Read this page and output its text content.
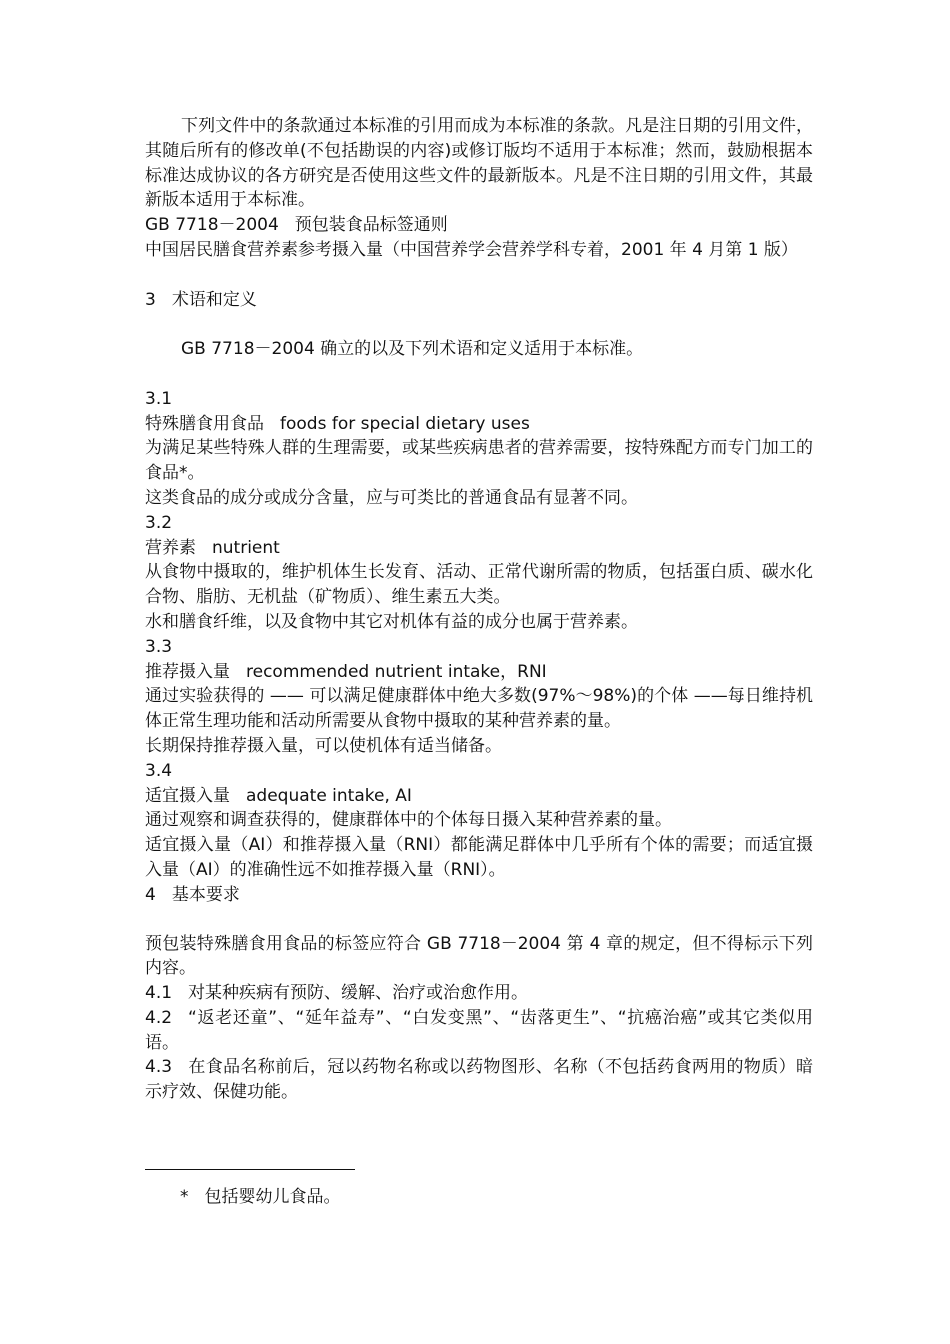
下列文件中的条款通过本标准的引用而成为本标准的条款。凡是注日期的引用文件，其随后所有的修改单(不包括勘误的内容)或修订版均不适用于本标准；然而，鼓励根据本标准达成协议的各方研究是否使用这些文件的最新版本。凡是不注日期的引用文件，其最新版本适用于本标准。

GB 7718－2004 预包装食品标签通则

中国居民膳食营养素参考摄入量（中国营养学会营养学科专着，2001 年 4 月第 1 版）

3 术语和定义

GB 7718－2004 确立的以及下列术语和定义适用于本标准。

3.1

特殊膳食用食品 foods for special dietary uses

为满足某些特殊人群的生理需要，或某些疾病患者的营养需要，按特殊配方而专门加工的食品*。

这类食品的成分或成分含量，应与可类比的普通食品有显著不同。

3.2

营养素 nutrient

从食物中摄取的，维护机体生长发育、活动、正常代谢所需的物质，包括蛋白质、碳水化合物、脂肪、无机盐（矿物质）、维生素五大类。

水和膳食纤维，以及食物中其它对机体有益的成分也属于营养素。

3.3

推荐摄入量 recommended nutrient intake，RNI

通过实验获得的 —— 可以满足健康群体中绝大多数(97%～98%)的个体 ——每日维持机体正常生理功能和活动所需要从食物中摄取的某种营养素的量。

长期保持推荐摄入量，可以使机体有适当储备。

3.4

适宜摄入量 adequate intake, AI

通过观察和调查获得的，健康群体中的个体每日摄入某种营养素的量。

适宜摄入量（AI）和推荐摄入量（RNI）都能满足群体中几乎所有个体的需要；而适宜摄入量（AI）的准确性远不如推荐摄入量（RNI）。

4 基本要求

预包装特殊膳食用食品的标签应符合 GB 7718－2004 第 4 章的规定，但不得标示下列内容。

4.1 对某种疾病有预防、缓解、治疗或治愈作用。

4.2 “返老还童”、“延年益寿”、“白发变黑”、“齿落更生”、“抗癌治癌”或其它类似用语。

4.3 在食品名称前后，冠以药物名称或以药物图形、名称（不包括药食两用的物质）暗示疗效、保健功能。

* 包括婴幼儿食品。
